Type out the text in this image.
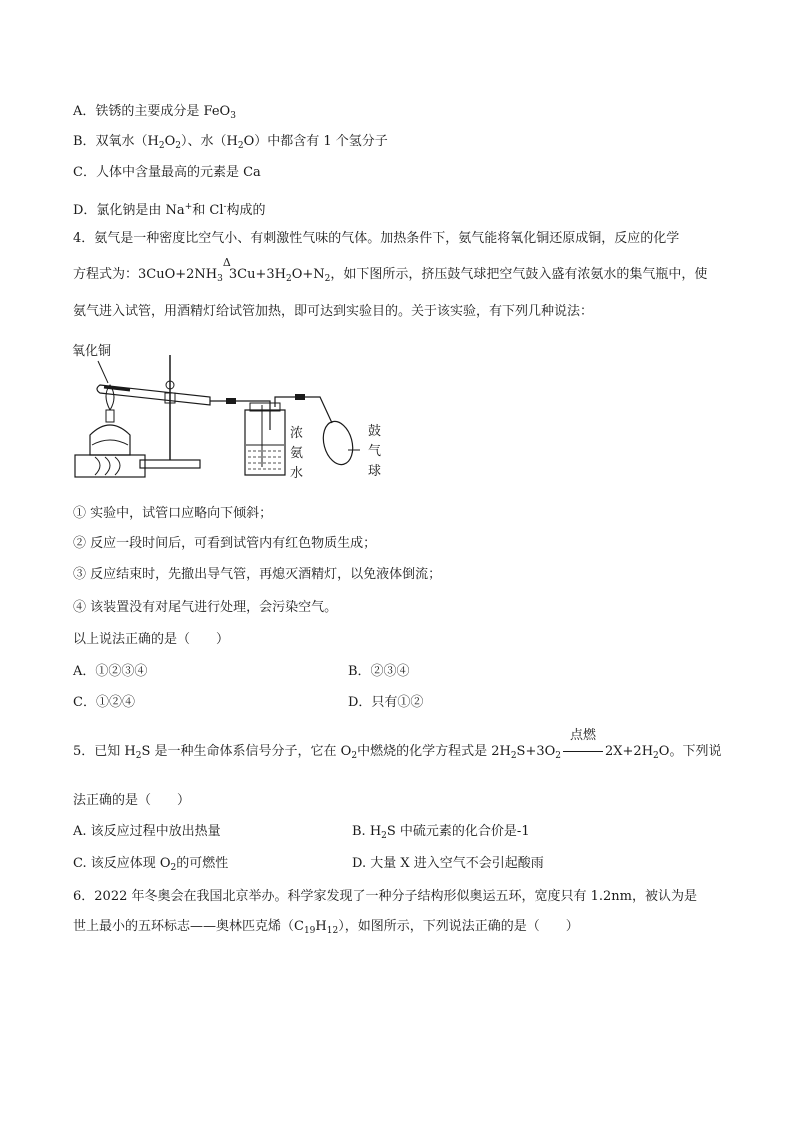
A．铁锈的主要成分是 FeO$_3$
B．双氧水$(H_2O_2)$、水$(H_2O)$中都含有 1 个氢分子
C．人体中含量最高的元素是 Ca
D．氯化钠是由 Na+和 Cl-构成的
4．氨气是一种密度比空气小、有刺激性气味的气体。加热条件下，氨气能将氧化铜还原成铜，反应的化学
方程式为：$3CuO+2NH_3$
Δ
$3Cu+3H_2O+N_2$，如下图所示，挤压鼓气球把空气鼓入盛有浓氨水的集气瓶中，使
氨气进入试管，用酒精灯给试管加热，即可达到实验目的。关于该实验，有下列几种说法：
氧化铜
浓
氨
水
鼓
气
球
① 实验中，试管口应略向下倾斜；
② 反应一段时间后，可看到试管内有红色物质生成；
③ 反应结束时，先撤出导气管，再熄灭酒精灯，以免液体倒流；
④ 该装置没有对尾气进行处理，会污染空气。
以上说法正确的是（　　）
A．①②③④	B．②③④
C．①②④	D．只有①②
5．已知 $H_2S$ 是一种生命体系信号分子，它在 $O_2$中燃烧的化学方程式是 $2H_2S+3O_2$
点燃
$2X+2H_2O$。下列说
法正确的是（　　）
A. 该反应过程中放出热量	B. $H_2S$ 中硫元素的化合价是-1
C. 该反应体现 $O_2$的可燃性	D. 大量 X 进入空气不会引起酸雨
6．2022 年冬奥会在我国北京举办。科学家发现了一种分子结构形似奥运五环，宽度只有 1.2nm，被认为是
世上最小的五环标志——奥林匹克烯$(C_{19}H_{12})$，如图所示，下列说法正确的是（　　）
